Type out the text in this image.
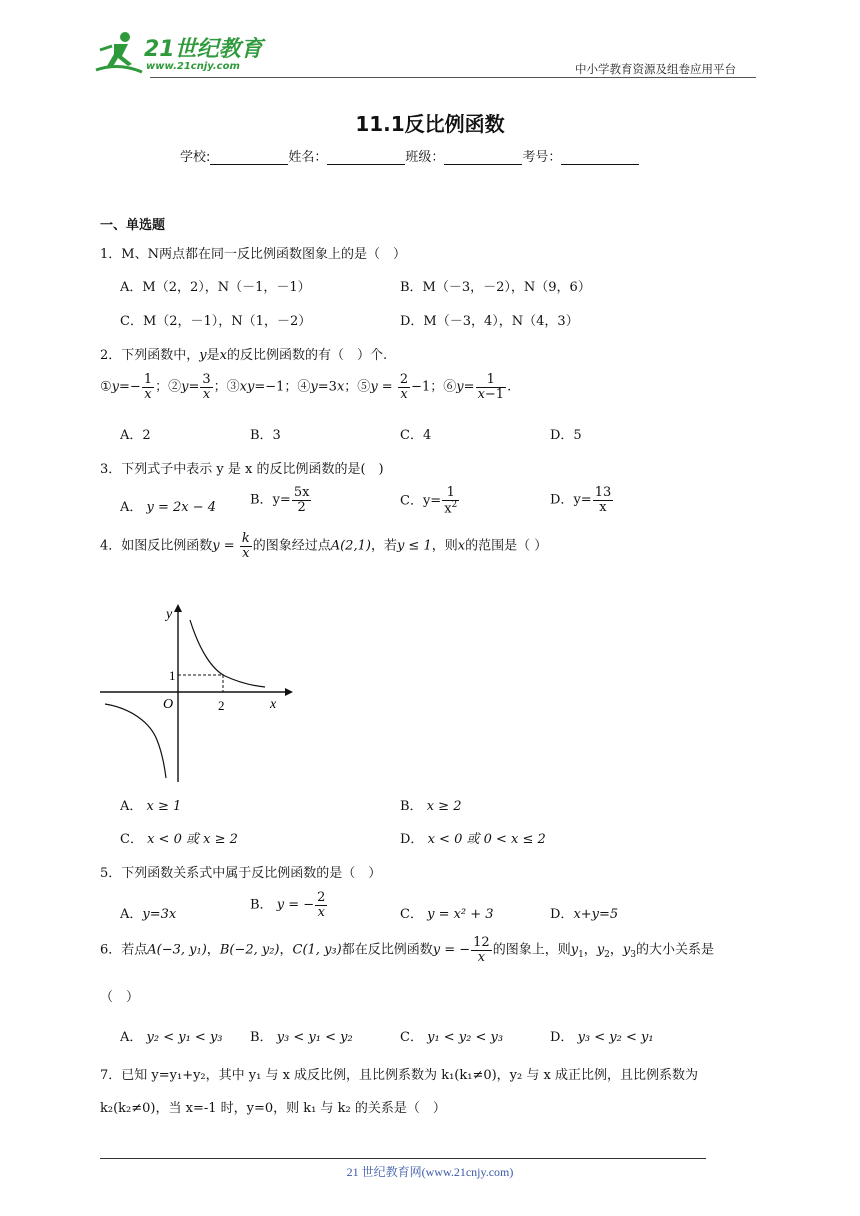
21世纪教育
www.21cnjy.com	中小学教育资源及组卷应用平台
11.1反比例函数
学校:	姓名：	班级：	考号：
一、单选题
1．M、N两点都在同一反比例函数图象上的是（　）
A．M（2，2），N（－1，－1）	B．M（－3，－2），N（9，6）
C．M（2，－1），N（1，－2）	D．M（－3，4），N（4，3）
2．下列函数中，y是x的反比例函数的有（　）个.
①y=− $\frac{1}{x}$ ；②y= $\frac{3}{x}$ ；③xy=−1；④y=3x；⑤y = $\frac{2}{x} -1$；⑥y= $\frac{1}{x-1}$ .
A．2	B．3	C．4	D．5
3．下列式子中表示 y 是 x 的反比例函数的是(　)
A． y = 2x − 4	B．$y= \frac{5x}{2}$	C．$y= \frac{1}{x^2}$	D．$y= \frac{13}{x}$
4．如图反比例函数$y = \frac{k}{x}$ 的图象经过点A(2,1)，若y ≤ 1，则x的范围是（ ）
y
x
O	2
1
A． x ≥ 1	B． x ≥ 2
C． x < 0 或 x ≥ 2	D． x < 0 或 0 < x ≤ 2
5．下列函数关系式中属于反比例函数的是（　）
A．y=3x
B． y = − $\frac{2}{x}$	C． y = x² + 3	D．x+y=5
6．若点A(−3, y₁)，B(−2, y₂)，C(1, y₃)都在反比例函数y = − $\frac{12}{x}$ 的图象上，则$y_1$，$y_2$，$y_3$的大小关系是
（　）
A． y₂ < y₁ < y₃ B． y₃ < y₁ < y₂	C． y₁ < y₂ < y₃	D． y₃ < y₂ < y₁
7．已知 y=y₁+y₂，其中 y₁ 与 x 成反比例，且比例系数为 k₁(k₁≠0)，y₂ 与 x 成正比例，且比例系数为
k₂(k₂≠0)，当 x=-1 时，y=0，则 k₁ 与 k₂ 的关系是（　）
21 世纪教育网(www.21cnjy.com)
